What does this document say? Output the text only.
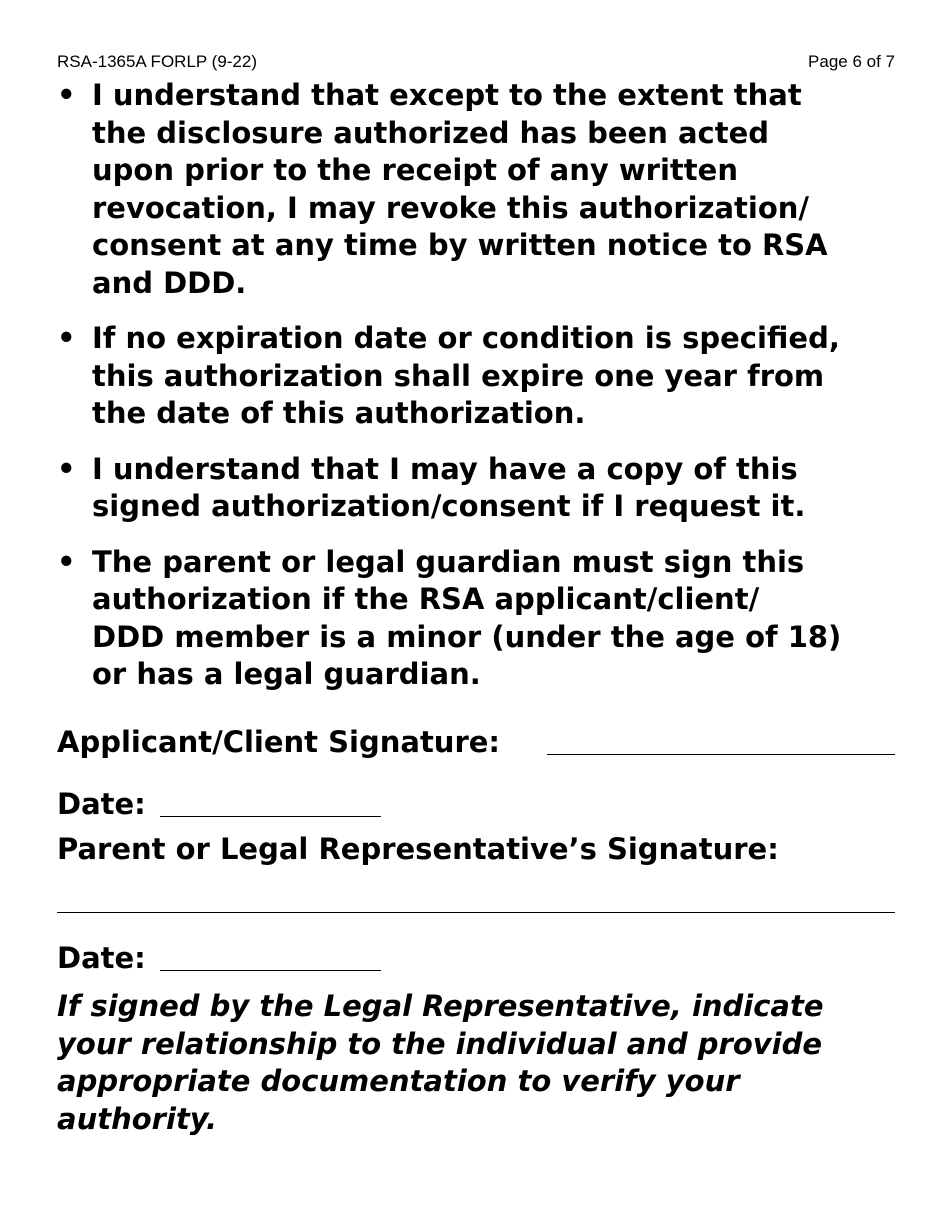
RSA-1365A FORLP (9-22)	Page 6 of 7
• I understand that except to the extent that
the disclosure authorized has been acted
upon prior to the receipt of any written
revocation, I may revoke this authorization/
consent at any time by written notice to RSA
and DDD.
• If no expiration date or condition is specified,
this authorization shall expire one year from
the date of this authorization.
• I understand that I may have a copy of this
signed authorization/consent if I request it.
• The parent or legal guardian must sign this
authorization if the RSA applicant/client/
DDD member is a minor (under the age of 18)
or has a legal guardian.
Applicant/Client Signature:
Date:
Parent or Legal Representative’s Signature:
Date:
If signed by the Legal Representative, indicate
your relationship to the individual and provide
appropriate documentation to verify your
authority.
